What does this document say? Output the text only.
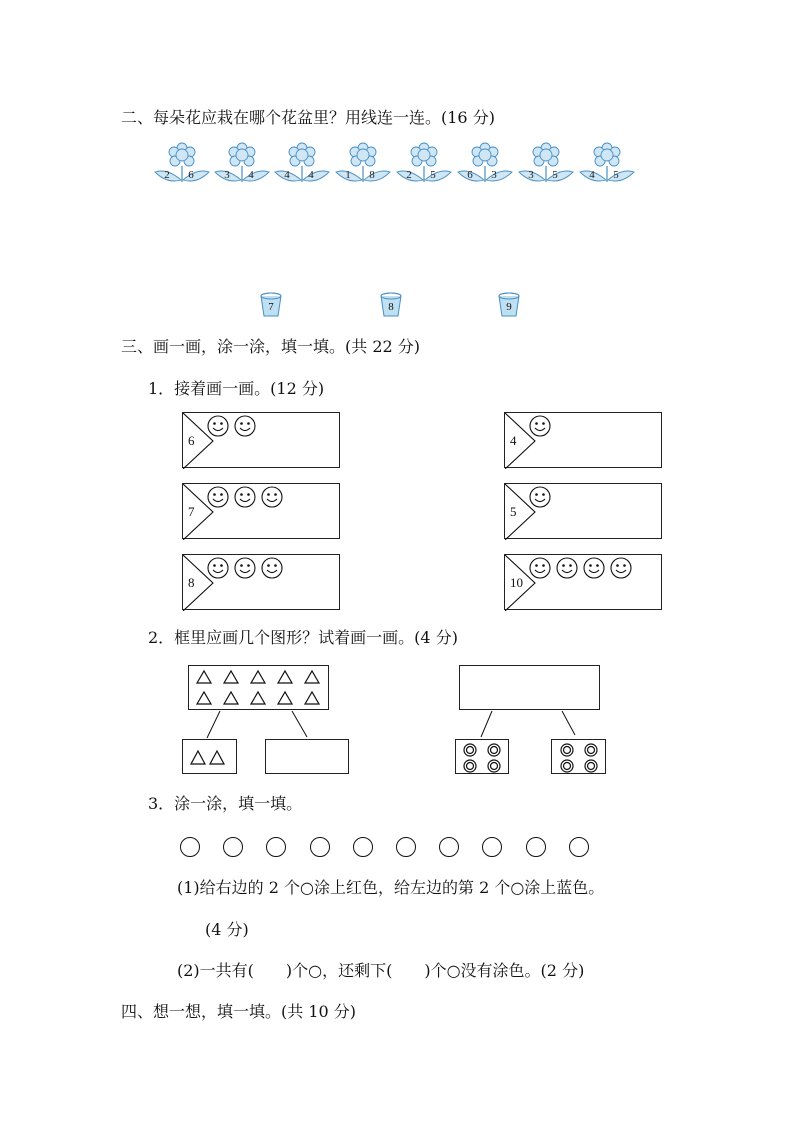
二、每朵花应栽在哪个花盆里？用线连一连。(16 分)
2 6	3 4	4 4	1 8	2 5	6 3	3 5	4 5
7	8	9
三、画一画，涂一涂，填一填。(共 22 分)
1．接着画一画。(12 分)
6	4
7	5
8	10
2．框里应画几个图形？试着画一画。(4 分)
3．涂一涂，填一填。
(1)给右边的 2 个○涂上红色，给左边的第 2 个○涂上蓝色。
(4 分)
(2)一共有(　　)个○，还剩下(　　)个○没有涂色。(2 分)
四、想一想，填一填。(共 10 分)
